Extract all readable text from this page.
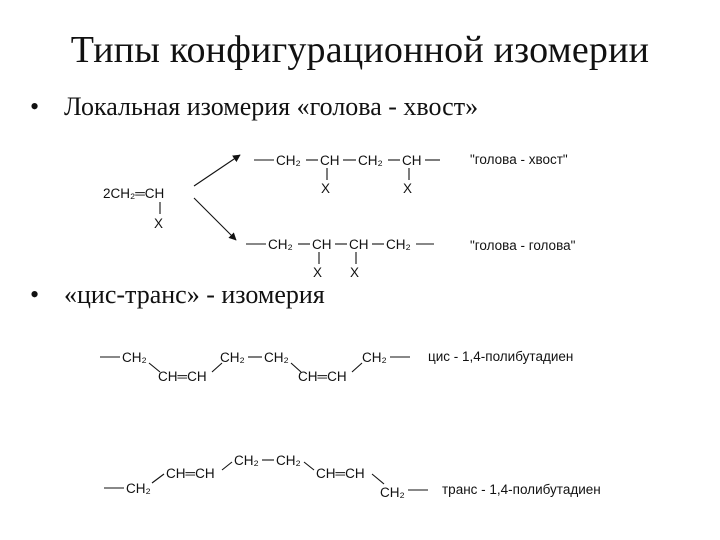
Типы конфигурационной изомерии
• Локальная изомерия «голова - хвост»
• «цис-транс» - изомерия
2CH₂═CH
X
CH₂ CH CH₂ CH
X	X
"голова - хвост"
CH₂ CH CH CH₂
X X
"голова - голова"
CH₂
CH═CH
CH₂ CH₂
CH═CH
CH₂	цис - 1,4-полибутадиен
CH₂
CH═CH
CH₂ CH₂
CH═CH
CH₂	транс - 1,4-полибутадиен
